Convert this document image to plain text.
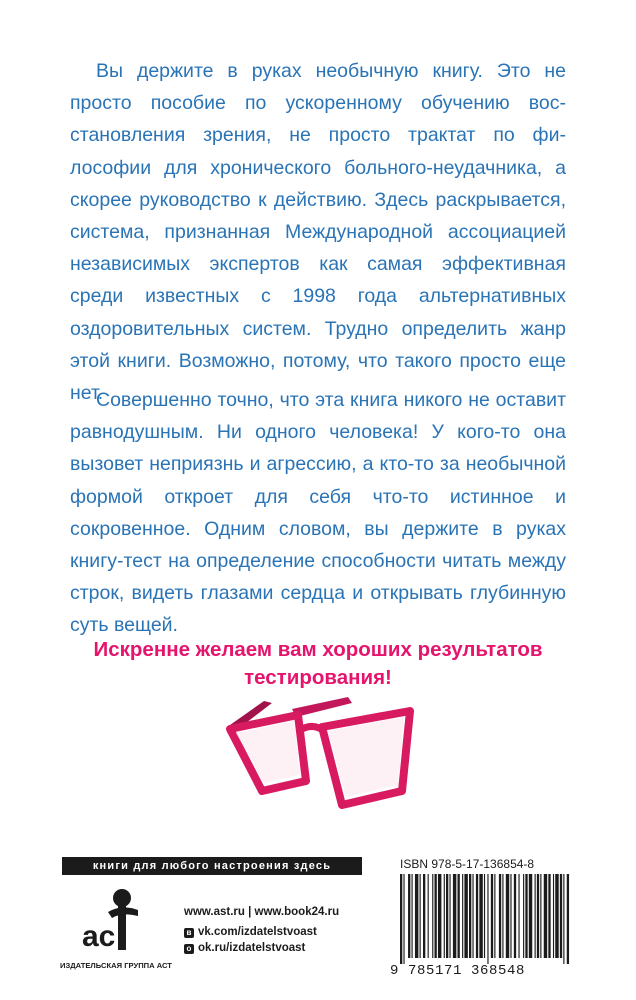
Вы держите в руках необычную книгу. Это не просто пособие по ускоренному обучению восстановления зрения, не просто трактат по философии для хронического больного-неудачника, а скорее руководство к действию. Здесь раскрывается, система, признанная Международной ассоциацией независимых экспертов как самая эффективная среди известных с 1998 года альтернативных оздоровительных систем. Трудно определить жанр этой книги. Возможно, потому, что такого просто еще нет.

Совершенно точно, что эта книга никого не оставит равнодушным. Ни одного человека! У кого-то она вызовет неприязнь и агрессию, а кто-то за необычной формой откроет для себя что-то истинное и сокровенное. Одним словом, вы держите в руках книгу-тест на определение способности читать между строк, видеть глазами сердца и открывать глубинную суть вещей.

Искренне желаем вам хороших результатов
тестирования!
книги для любого настроения здесь
ас
ИЗДАТЕЛЬСКАЯ ГРУППА АСТ
www.ast.ru | www.book24.ru
в vk.com/izdatelstvoast
о ok.ru/izdatelstvoast
ISBN 978-5-17-136854-8
9 785171 368548
